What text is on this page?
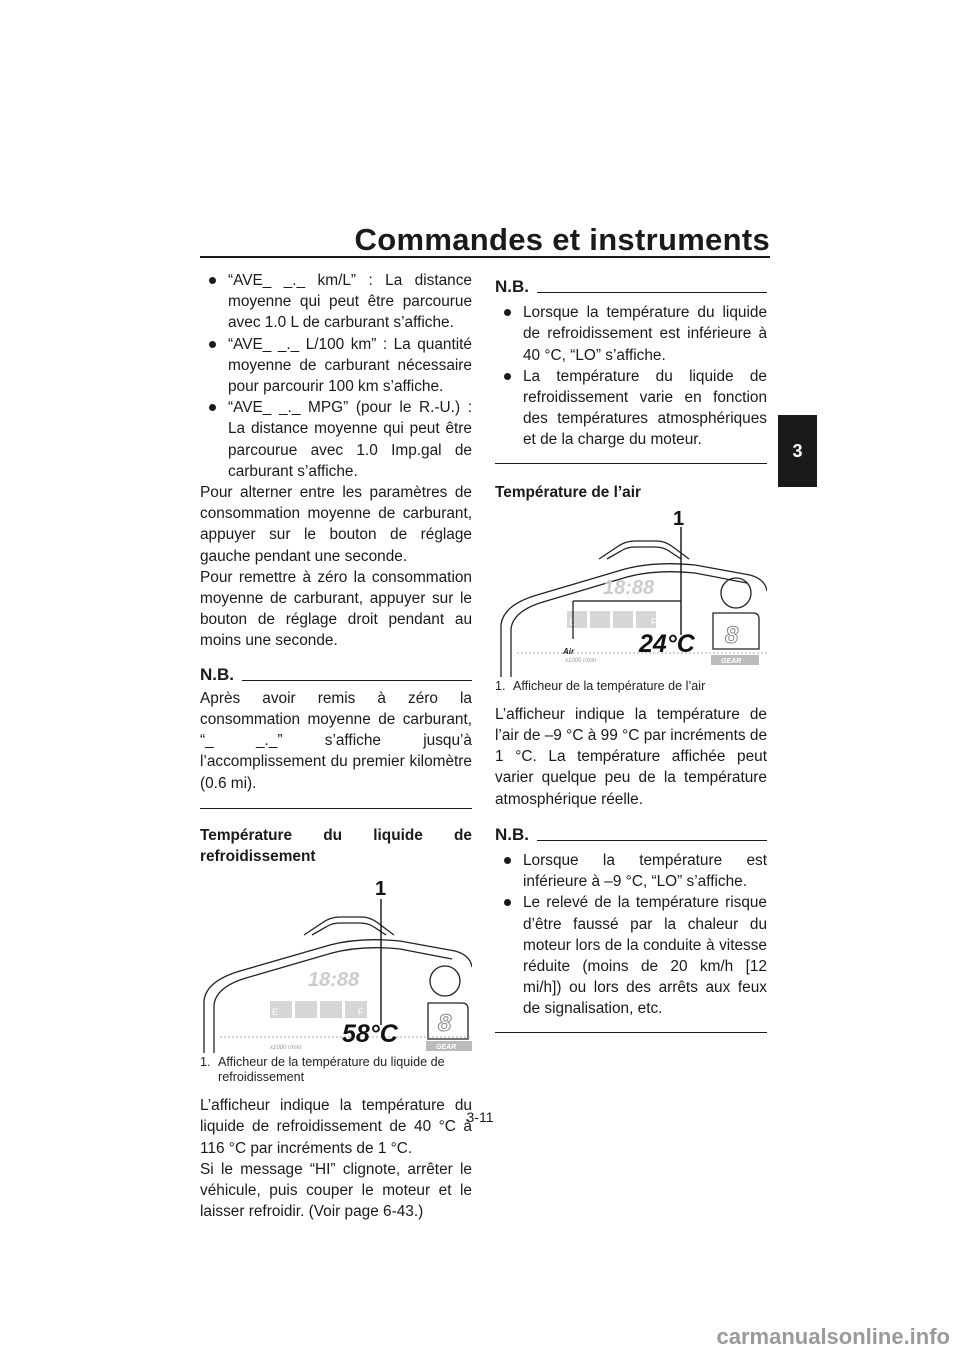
Commandes et instruments
3

“AVE_ _._ km/L” : La distance moyenne qui peut être parcourue avec 1.0 L de carburant s’affiche.

“AVE_ _._ L/100 km” : La quantité moyenne de carburant nécessaire pour parcourir 100 km s’affiche.

“AVE_ _._ MPG” (pour le R.-U.) : La distance moyenne qui peut être parcourue avec 1.0 Imp.gal de carburant s’affiche.

Pour alterner entre les paramètres de consommation moyenne de carburant, appuyer sur le bouton de réglage gauche pendant une seconde.

Pour remettre à zéro la consommation moyenne de carburant, appuyer sur le bouton de réglage droit pendant au moins une seconde.

N.B.

Après avoir remis à zéro la consommation moyenne de carburant, “_ _._” s’affiche jusqu’à l’accomplissement du premier kilomètre (0.6 mi).

Température du liquide de refroidissement

18:88
E	F	8
GEAR
x1000 r/min 58°C
1
1. Afficheur de la température du liquide de refroidissement

L’afficheur indique la température du liquide de refroidissement de 40 °C à 116 °C par incréments de 1 °C.

Si le message “HI” clignote, arrêter le véhicule, puis couper le moteur et le laisser refroidir. (Voir page 6-43.)

N.B.

Lorsque la température du liquide de refroidissement est inférieure à 40 °C, “LO” s’affiche.

La température du liquide de refroidissement varie en fonction des températures atmosphériques et de la charge du moteur.

Température de l’air

18:88
E	F	8
GEAR
x1000 r/min
Air	24°C
1
1. Afficheur de la température de l’air

L’afficheur indique la température de l’air de –9 °C à 99 °C par incréments de 1 °C. La température affichée peut varier quelque peu de la température atmosphérique réelle.

N.B.

Lorsque la température est inférieure à –9 °C, “LO” s’affiche.

Le relevé de la température risque d’être faussé par la chaleur du moteur lors de la conduite à vitesse réduite (moins de 20 km/h [12 mi/h]) ou lors des arrêts aux feux de signalisation, etc.

3-11
carmanualsonline.info
